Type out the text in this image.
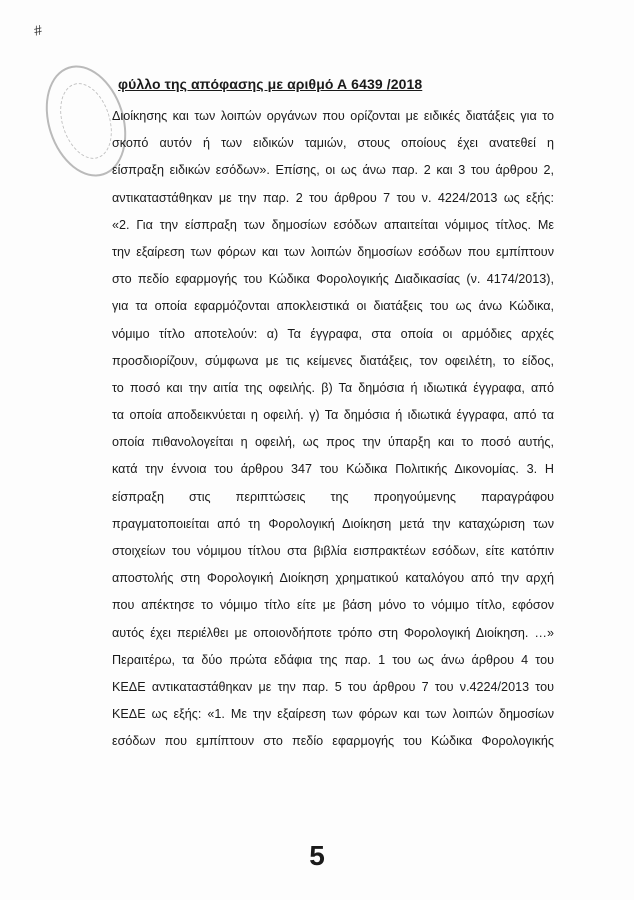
#
φύλλο της απόφασης με αριθμό Α 6439 /2018
Διοίκησης και των λοιπών οργάνων που ορίζονται με ειδικές διατάξεις για το
σκοπό αυτόν ή των ειδικών ταμιών, στους οποίους έχει ανατεθεί η
είσπραξη ειδικών εσόδων». Επίσης, οι ως άνω παρ. 2 και 3 του άρθρου 2,
αντικαταστάθηκαν με την παρ. 2 του άρθρου 7 του ν. 4224/2013 ως εξής:
«2. Για την είσπραξη των δημοσίων εσόδων απαιτείται νόμιμος τίτλος. Με
την εξαίρεση των φόρων και των λοιπών δημοσίων εσόδων που εμπίπτουν
στο πεδίο εφαρμογής του Κώδικα Φορολογικής Διαδικασίας (ν. 4174/2013),
για τα οποία εφαρμόζονται αποκλειστικά οι διατάξεις του ως άνω Κώδικα,
νόμιμο τίτλο αποτελούν: α) Τα έγγραφα, στα οποία οι αρμόδιες αρχές
προσδιορίζουν, σύμφωνα με τις κείμενες διατάξεις, τον οφειλέτη, το είδος,
το ποσό και την αιτία της οφειλής. β) Τα δημόσια ή ιδιωτικά έγγραφα, από
τα οποία αποδεικνύεται η οφειλή. γ) Τα δημόσια ή ιδιωτικά έγγραφα, από τα
οποία πιθανολογείται η οφειλή, ως προς την ύπαρξη και το ποσό αυτής,
κατά την έννοια του άρθρου 347 του Κώδικα Πολιτικής Δικονομίας. 3. Η
είσπραξη στις περιπτώσεις της προηγούμενης παραγράφου
πραγματοποιείται από τη Φορολογική Διοίκηση μετά την καταχώριση των
στοιχείων του νόμιμου τίτλου στα βιβλία εισπρακτέων εσόδων, είτε κατόπιν
αποστολής στη Φορολογική Διοίκηση χρηματικού καταλόγου από την αρχή
που απέκτησε το νόμιμο τίτλο είτε με βάση μόνο το νόμιμο τίτλο, εφόσον
αυτός έχει περιέλθει με οποιονδήποτε τρόπο στη Φορολογική Διοίκηση. …»
Περαιτέρω, τα δύο πρώτα εδάφια της παρ. 1 του ως άνω άρθρου 4 του
ΚΕΔΕ αντικαταστάθηκαν με την παρ. 5 του άρθρου 7 του ν.4224/2013 του
ΚΕΔΕ ως εξής: «1. Με την εξαίρεση των φόρων και των λοιπών δημοσίων
εσόδων που εμπίπτουν στο πεδίο εφαρμογής του Κώδικα Φορολογικής
5
